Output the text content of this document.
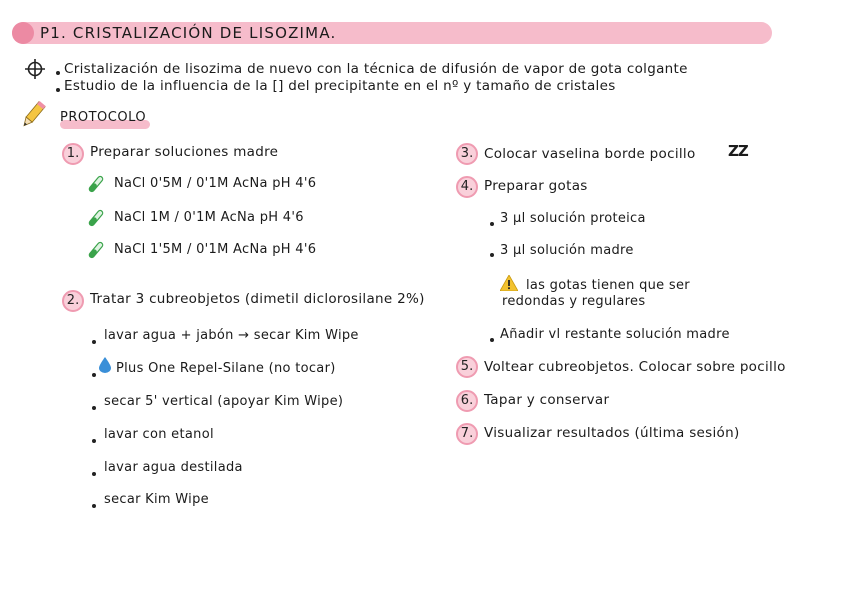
P1. CRISTALIZACIÓN DE LISOZIMA.
Cristalización de lisozima de nuevo con la técnica de difusión de vapor de gota colgante
Estudio de la influencia de la [] del precipitante en el nº y tamaño de cristales
PROTOCOLO
1. Preparar soluciones madre
NaCl 0'5M / 0'1M AcNa pH 4'6
NaCl 1M / 0'1M AcNa pH 4'6
NaCl 1'5M / 0'1M AcNa pH 4'6
2. Tratar 3 cubreobjetos (dimetil diclorosilane 2%)
lavar agua + jabón → secar Kim Wipe
Plus One Repel-Silane (no tocar)
secar 5' vertical (apoyar Kim Wipe)
lavar con etanol
lavar agua destilada
secar Kim Wipe
3. Colocar vaselina borde pocillo ZZ
4. Preparar gotas
3 µl solución proteica
3 µl solución madre
las gotas tienen que ser
redondas y regulares
Añadir vl restante solución madre
5. Voltear cubreobjetos. Colocar sobre pocillo
6. Tapar y conservar
7. Visualizar resultados (última sesión)
